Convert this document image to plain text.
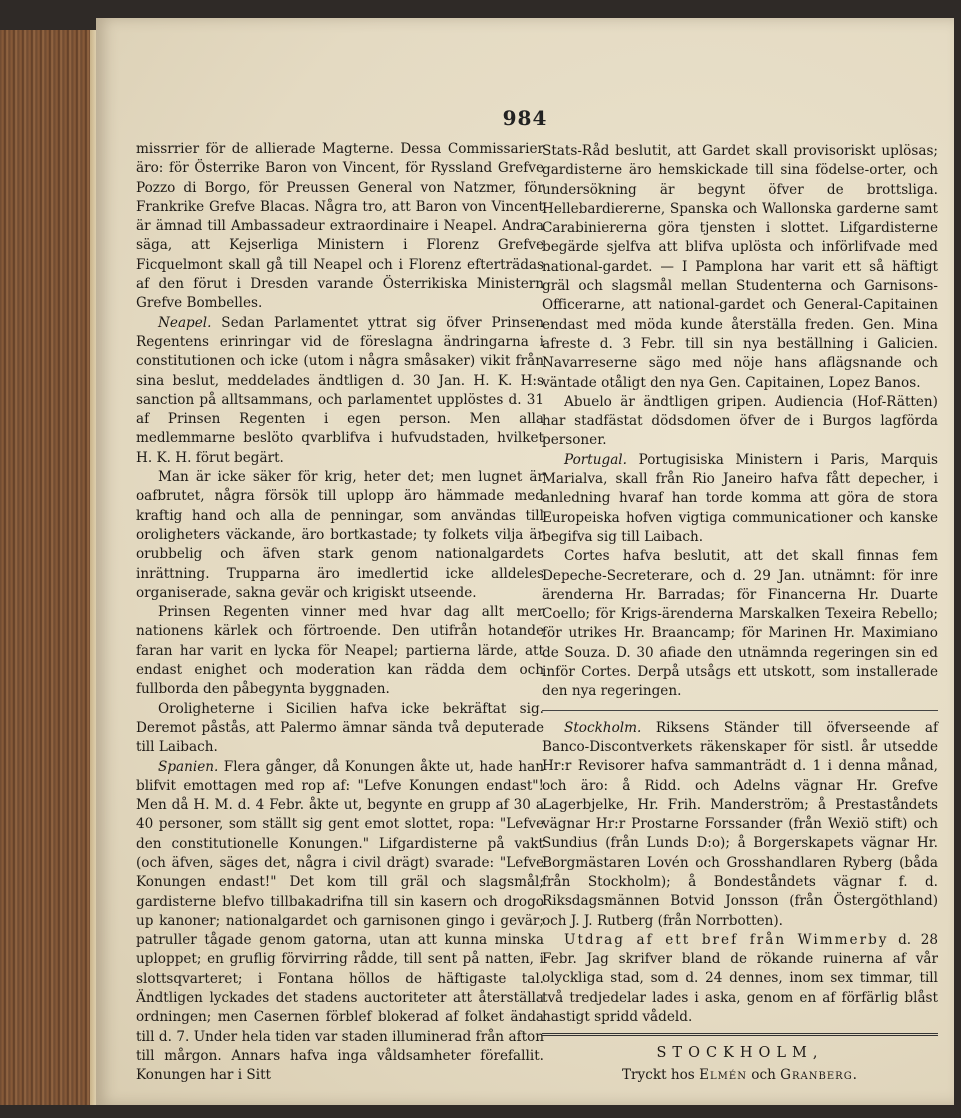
984

missrrier för de allierade Magterne. Dessa Commissarier äro: för Österrike Baron von Vincent, för Ryssland Grefve Pozzo di Borgo, för Preussen General von Natzmer, för Frankrike Grefve Blacas. Några tro, att Baron von Vincent är ämnad till Ambassadeur extraordinaire i Neapel. Andra säga, att Kejserliga Ministern i Florenz Grefve Ficquelmont skall gå till Neapel och i Florenz efterträdas af den förut i Dresden varande Österrikiska Ministern Grefve Bombelles.

Neapel. Sedan Parlamentet yttrat sig öfver Prinsen Regentens erinringar vid de föreslagna ändringarna i constitutionen och icke (utom i några småsaker) vikit från sina beslut, meddelades ändtligen d. 30 Jan. H. K. H:s sanction på alltsammans, och parlamentet upplöstes d. 31 af Prinsen Regenten i egen person. Men alla medlemmarne beslöto qvarblifva i hufvudstaden, hvilket H. K. H. förut begärt.

Man är icke säker för krig, heter det; men lugnet är oafbrutet, några försök till uplopp äro hämmade med kraftig hand och alla de penningar, som användas till oroligheters väckande, äro bortkastade; ty folkets vilja är orubbelig och äfven stark genom nationalgardets inrättning. Trupparna äro imedlertid icke alldeles organiserade, sakna gevär och krigiskt utseende.

Prinsen Regenten vinner med hvar dag allt mer nationens kärlek och förtroende. Den utifrån hotande faran har varit en lycka för Neapel; partierna lärde, att endast enighet och moderation kan rädda dem och fullborda den påbegynta byggnaden.

Oroligheterne i Sicilien hafva icke bekräftat sig. Deremot påstås, att Palermo ämnar sända två deputerade till Laibach.

Spanien. Flera gånger, då Konungen åkte ut, hade han blifvit emottagen med rop af: "Lefve Konungen endast"! Men då H. M. d. 4 Febr. åkte ut, begynte en grupp af 30 a 40 personer, som ställt sig gent emot slottet, ropa: "Lefve den constitutionelle Konungen." Lifgardisterne på vakt (och äfven, säges det, några i civil drägt) svarade: "Lefve Konungen endast!" Det kom till gräl och slagsmål; gardisterne blefvo tillbakadrifna till sin kasern och drogo up kanoner; nationalgardet och garnisonen gingo i gevär; patruller tågade genom gatorna, utan att kunna minska uploppet; en gruflig förvirring rådde, till sent på natten, i slottsqvarteret; i Fontana höllos de häftigaste tal. Ändtligen lyckades det stadens auctoriteter att återställa ordningen; men Casernen förblef blokerad af folket ända till d. 7. Under hela tiden var staden illuminerad från afton till mårgon. Annars hafva inga våldsamheter förefallit. Konungen har i Sitt

Stats-Råd beslutit, att Gardet skall provisoriskt uplösas; gardisterne äro hemskickade till sina födelse-orter, och undersökning är begynt öfver de brottsliga. Hellebardiererne, Spanska och Wallonska garderne samt Carabiniererna göra tjensten i slottet. Lifgardisterne begärde sjelfva att blifva uplösta och införlifvade med national-gardet. — I Pamplona har varit ett så häftigt gräl och slagsmål mellan Studenterna och Garnisons-Officerarne, att national-gardet och General-Capitainen endast med möda kunde återställa freden. Gen. Mina afreste d. 3 Febr. till sin nya beställning i Galicien. Navarreserne sägo med nöje hans aflägsnande och väntade otåligt den nya Gen. Capitainen, Lopez Banos.

Abuelo är ändtligen gripen. Audiencia (Hof-Rätten) har stadfästat dödsdomen öfver de i Burgos lagförda personer.

Portugal. Portugisiska Ministern i Paris, Marquis Marialva, skall från Rio Janeiro hafva fått depecher, i anledning hvaraf han torde komma att göra de stora Europeiska hofven vigtiga communicationer och kanske begifva sig till Laibach.

Cortes hafva beslutit, att det skall finnas fem Depeche-Secreterare, och d. 29 Jan. utnämnt: för inre ärenderna Hr. Barradas; för Financerna Hr. Duarte Coello; för Krigs-ärenderna Marskalken Texeira Rebello; för utrikes Hr. Braancamp; för Marinen Hr. Maximiano de Souza. D. 30 afiade den utnämnda regeringen sin ed inför Cortes. Derpå utsågs ett utskott, som installerade den nya regeringen.

Stockholm. Riksens Ständer till öfverseende af Banco-Discontverkets räkenskaper för sistl. år utsedde Hr:r Revisorer hafva sammanträdt d. 1 i denna månad, och äro: å Ridd. och Adelns vägnar Hr. Grefve Lagerbjelke, Hr. Frih. Manderström; å Prestaståndets vägnar Hr:r Prostarne Forssander (från Wexiö stift) och Sundius (från Lunds D:o); å Borgerskapets vägnar Hr. Borgmästaren Lovén och Grosshandlaren Ryberg (båda från Stockholm); å Bondeståndets vägnar f. d. Riksdagsmännen Botvid Jonsson (från Östergöthland) och J. J. Rutberg (från Norrbotten).

Utdrag af ett bref från Wimmerby d. 28 Febr. Jag skrifver bland de rökande ruinerna af vår olyckliga stad, som d. 24 dennes, inom sex timmar, till två tredjedelar lades i aska, genom en af förfärlig blåst hastigt spridd vådeld.

STOCKHOLM,
Tryckt hos Elmén och Granberg.
